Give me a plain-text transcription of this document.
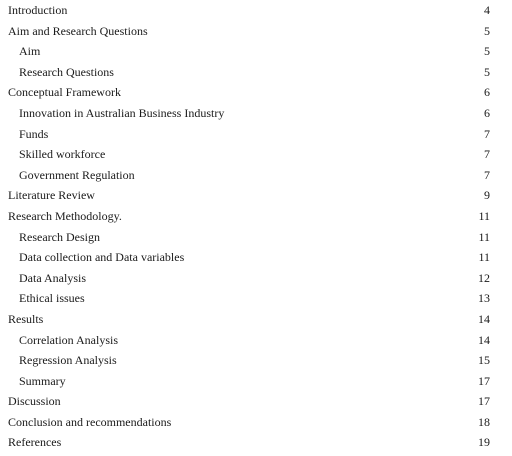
Introduction	4
Aim and Research Questions	5
Aim	5
Research Questions	5
Conceptual Framework	6
Innovation in Australian Business Industry	6
Funds	7
Skilled workforce	7
Government Regulation	7
Literature Review	9
Research Methodology.	11
Research Design	11
Data collection and Data variables	11
Data Analysis	12
Ethical issues	13
Results	14
Correlation Analysis	14
Regression Analysis	15
Summary	17
Discussion	17
Conclusion and recommendations	18
References	19
